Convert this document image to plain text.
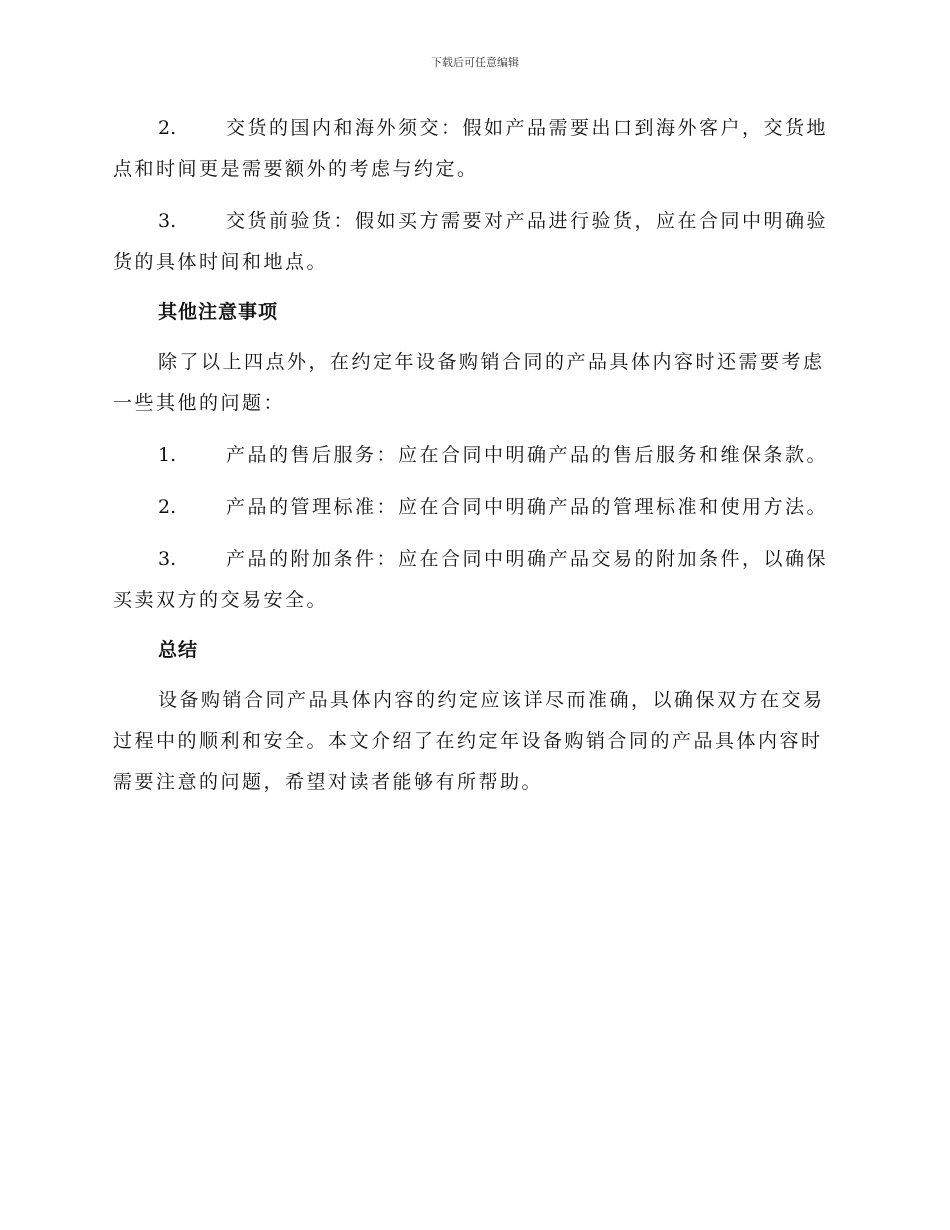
下载后可任意编辑

2.	交货的国内和海外须交：假如产品需要出口到海外客户，交货地

点和时间更是需要额外的考虑与约定。

3.	交货前验货：假如买方需要对产品进行验货，应在合同中明确验

货的具体时间和地点。

其他注意事项

除了以上四点外，在约定年设备购销合同的产品具体内容时还需要考虑一些其他的问题：

1.	产品的售后服务：应在合同中明确产品的售后服务和维保条款。

2.	产品的管理标准：应在合同中明确产品的管理标准和使用方法。

3.	产品的附加条件：应在合同中明确产品交易的附加条件，以确保

买卖双方的交易安全。

总结

设备购销合同产品具体内容的约定应该详尽而准确，以确保双方在交易过程中的顺利和安全。本文介绍了在约定年设备购销合同的产品具体内容时需要注意的问题，希望对读者能够有所帮助。
